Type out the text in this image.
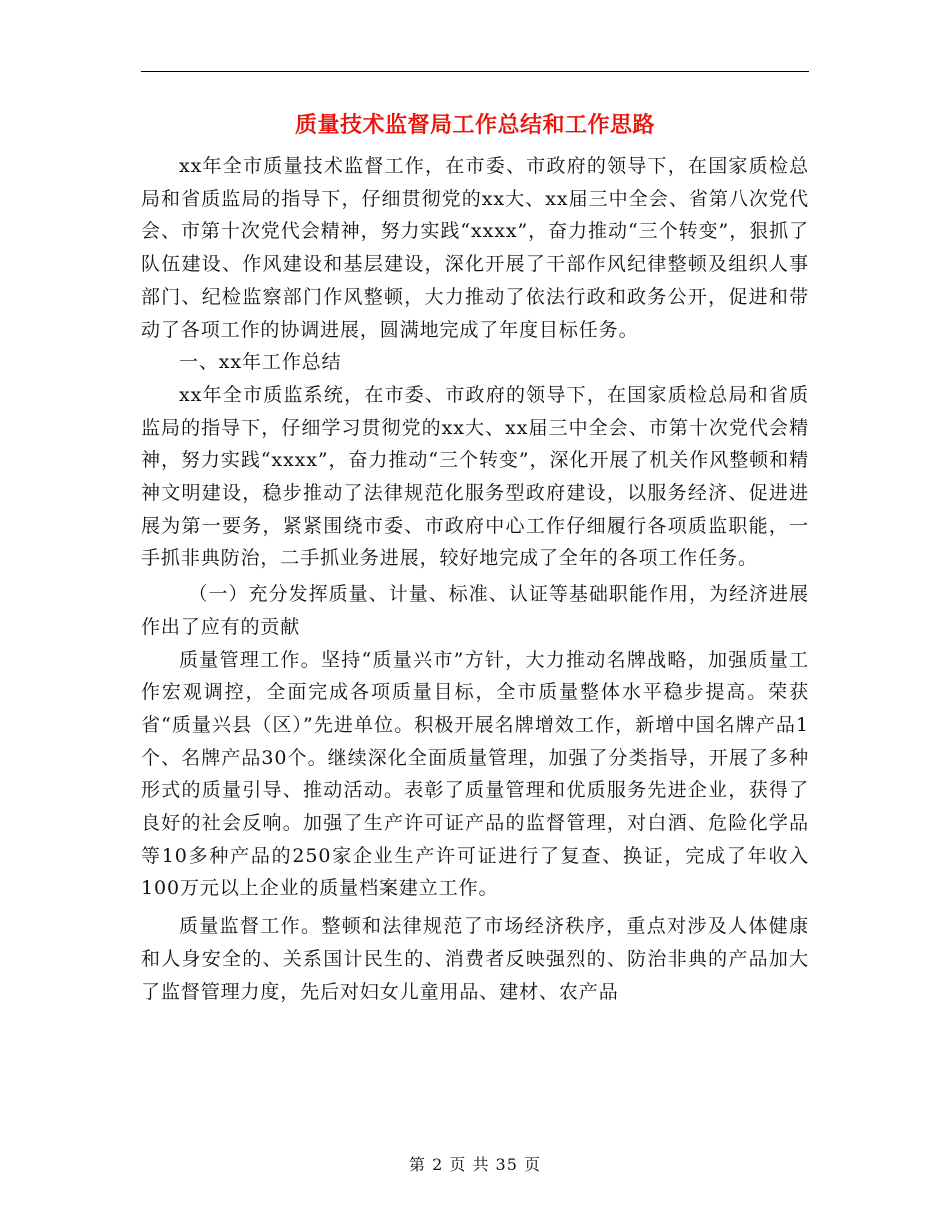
质量技术监督局工作总结和工作思路

xx年全市质量技术监督工作，在市委、市政府的领导下，在国家质检总局和省质监局的指导下，仔细贯彻党的xx大、xx届三中全会、省第八次党代会、市第十次党代会精神，努力实践“xxxx”，奋力推动“三个转变”，狠抓了队伍建设、作风建设和基层建设，深化开展了干部作风纪律整顿及组织人事部门、纪检监察部门作风整顿，大力推动了依法行政和政务公开，促进和带动了各项工作的协调进展，圆满地完成了年度目标任务。

一、xx年工作总结

xx年全市质监系统，在市委、市政府的领导下，在国家质检总局和省质监局的指导下，仔细学习贯彻党的xx大、xx届三中全会、市第十次党代会精神，努力实践“xxxx”，奋力推动“三个转变”，深化开展了机关作风整顿和精神文明建设，稳步推动了法律规范化服务型政府建设，以服务经济、促进进展为第一要务，紧紧围绕市委、市政府中心工作仔细履行各项质监职能，一手抓非典防治，二手抓业务进展，较好地完成了全年的各项工作任务。

（一）充分发挥质量、计量、标准、认证等基础职能作用，为经济进展作出了应有的贡献

质量管理工作。坚持“质量兴市”方针，大力推动名牌战略，加强质量工作宏观调控，全面完成各项质量目标，全市质量整体水平稳步提高。荣获省“质量兴县（区）”先进单位。积极开展名牌增效工作，新增中国名牌产品1个、名牌产品30个。继续深化全面质量管理，加强了分类指导，开展了多种形式的质量引导、推动活动。表彰了质量管理和优质服务先进企业，获得了良好的社会反响。加强了生产许可证产品的监督管理，对白酒、危险化学品等10多种产品的250家企业生产许可证进行了复查、换证，完成了年收入100万元以上企业的质量档案建立工作。

质量监督工作。整顿和法律规范了市场经济秩序，重点对涉及人体健康和人身安全的、关系国计民生的、消费者反映强烈的、防治非典的产品加大了监督管理力度，先后对妇女儿童用品、建材、农产品

第 2 页 共 35 页
